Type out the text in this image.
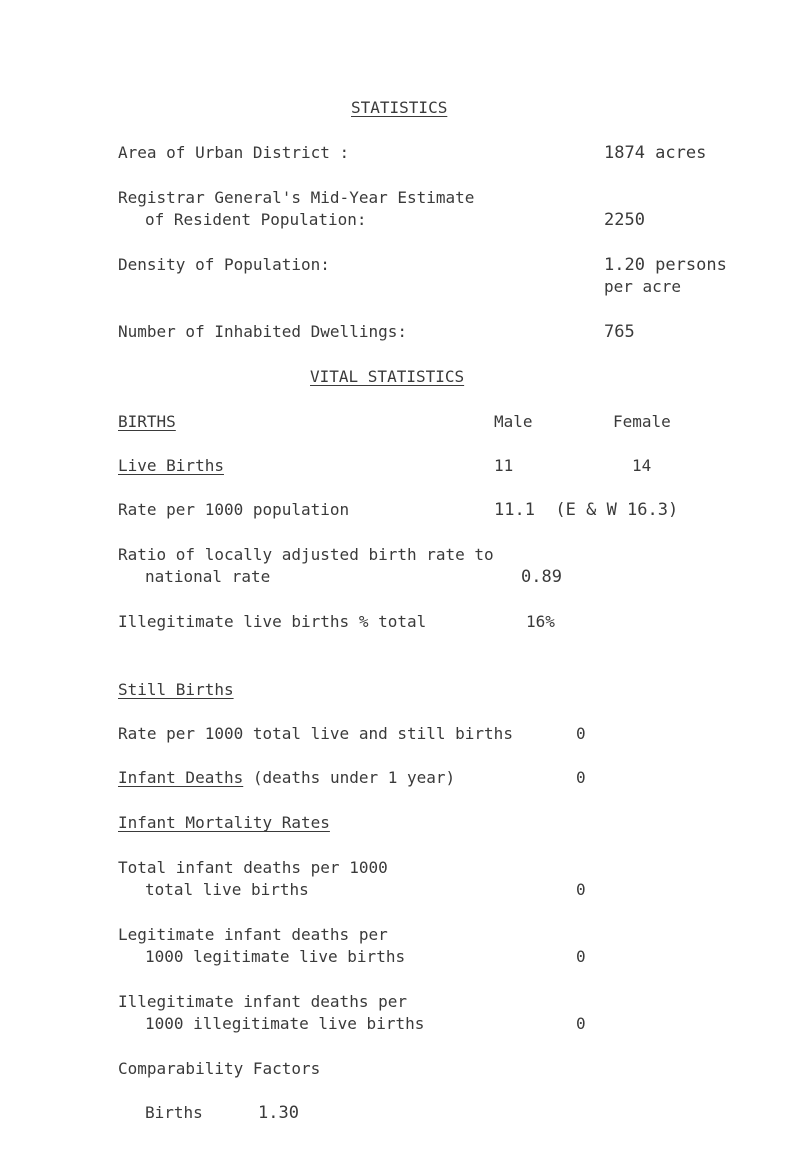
STATISTICS
Area of Urban District :	1874 acres
Registrar General's Mid-Year Estimate
of Resident Population:	2250
Density of Population:	1.20 persons
per acre
Number of Inhabited Dwellings:	765
VITAL STATISTICS
BIRTHS	Male	Female
Live Births	11	14
Rate per 1000 population	11.1  (E & W 16.3)
Ratio of locally adjusted birth rate to
national rate	0.89
Illegitimate live births % total	16%
Still Births
Rate per 1000 total live and still births	0
Infant Deaths (deaths under 1 year)	0
Infant Mortality Rates
Total infant deaths per 1000
total live births	0
Legitimate infant deaths per
1000 legitimate live births	0
Illegitimate infant deaths per
1000 illegitimate live births	0
Comparability Factors
Births	1.30
